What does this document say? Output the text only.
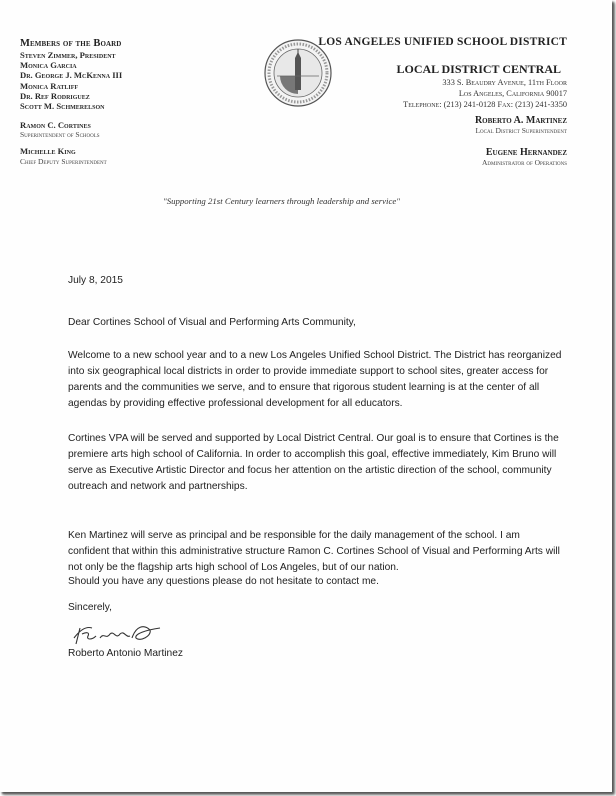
Members of the Board
Steven Zimmer, President
Monica Garcia
Dr. George J. McKenna III
Monica Ratliff
Dr. Ref Rodriguez
Scott M. Schmerelson
Ramon C. Cortines
Superintendent of Schools
Michelle King
Chief Deputy Superintendent
LOS ANGELES UNIFIED SCHOOL DISTRICT
LOCAL DISTRICT CENTRAL
333 S. Beaudry Avenue, 11th Floor
Los Angeles, California 90017
Telephone: (213) 241-0128 Fax: (213) 241-3350
Roberto A. Martinez
Local District Superintendent
Eugene Hernandez
Administrator of Operations
"Supporting 21st Century learners through leadership and service"

July 8, 2015

Dear Cortines School of Visual and Performing Arts Community,

Welcome to a new school year and to a new Los Angeles Unified School District. The District has reorganized into six geographical local districts in order to provide immediate support to school sites, greater access for parents and the communities we serve, and to ensure that rigorous student learning is at the center of all agendas by providing effective professional development for all educators.

Cortines VPA will be served and supported by Local District Central. Our goal is to ensure that Cortines is the premiere arts high school of California. In order to accomplish this goal, effective immediately, Kim Bruno will serve as Executive Artistic Director and focus her attention on the artistic direction of the school, community outreach and network and partnerships.

Ken Martinez will serve as principal and be responsible for the daily management of the school. I am confident that within this administrative structure Ramon C. Cortines School of Visual and Performing Arts will not only be the flagship arts high school of Los Angeles, but of our nation.

Should you have any questions please do not hesitate to contact me.

Sincerely,
Roberto Antonio Martinez
